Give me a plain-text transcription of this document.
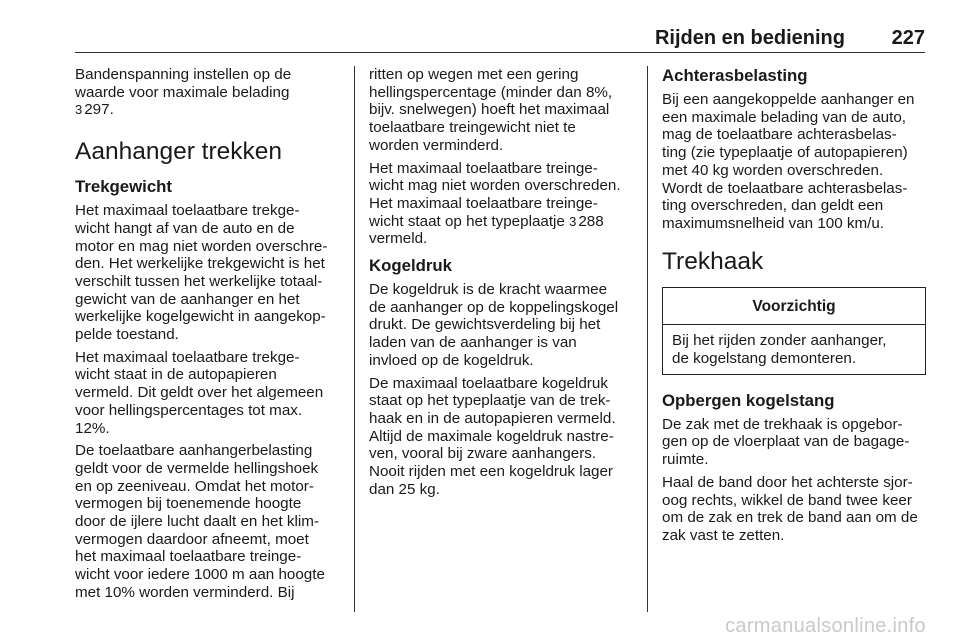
Rijden en bediening 227

Bandenspanning instellen op de
waarde voor maximale belading
3 297.

Aanhanger trekken
Trekgewicht

Het maximaal toelaatbare trekge-
wicht hangt af van de auto en de
motor en mag niet worden overschre-
den. Het werkelijke trekgewicht is het
verschilt tussen het werkelijke totaal-
gewicht van de aanhanger en het
werkelijke kogelgewicht in aangekop-
pelde toestand.

Het maximaal toelaatbare trekge-
wicht staat in de autopapieren
vermeld. Dit geldt over het algemeen
voor hellingspercentages tot max.
12%.

De toelaatbare aanhangerbelasting
geldt voor de vermelde hellingshoek
en op zeeniveau. Omdat het motor-
vermogen bij toenemende hoogte
door de ijlere lucht daalt en het klim-
vermogen daardoor afneemt, moet
het maximaal toelaatbare treinge-
wicht voor iedere 1000 m aan hoogte
met 10% worden verminderd. Bij

ritten op wegen met een gering
hellingspercentage (minder dan 8%,
bijv. snelwegen) hoeft het maximaal
toelaatbare treingewicht niet te
worden verminderd.

Het maximaal toelaatbare treinge-
wicht mag niet worden overschreden.
Het maximaal toelaatbare treinge-
wicht staat op het typeplaatje 3 288
vermeld.

Kogeldruk

De kogeldruk is de kracht waarmee
de aanhanger op de koppelingskogel
drukt. De gewichtsverdeling bij het
laden van de aanhanger is van
invloed op de kogeldruk.

De maximaal toelaatbare kogeldruk
staat op het typeplaatje van de trek-
haak en in de autopapieren vermeld.
Altijd de maximale kogeldruk nastre-
ven, vooral bij zware aanhangers.
Nooit rijden met een kogeldruk lager
dan 25 kg.

Achterasbelasting

Bij een aangekoppelde aanhanger en
een maximale belading van de auto,
mag de toelaatbare achterasbelas-
ting (zie typeplaatje of autopapieren)
met 40 kg worden overschreden.
Wordt de toelaatbare achterasbelas-
ting overschreden, dan geldt een
maximumsnelheid van 100 km/u.

Trekhaak
Voorzichtig

Bij het rijden zonder aanhanger,
de kogelstang demonteren.

Opbergen kogelstang

De zak met de trekhaak is opgebor-
gen op de vloerplaat van de bagage-
ruimte.

Haal de band door het achterste sjor-
oog rechts, wikkel de band twee keer
om de zak en trek de band aan om de
zak vast te zetten.

carmanualsonline.info
